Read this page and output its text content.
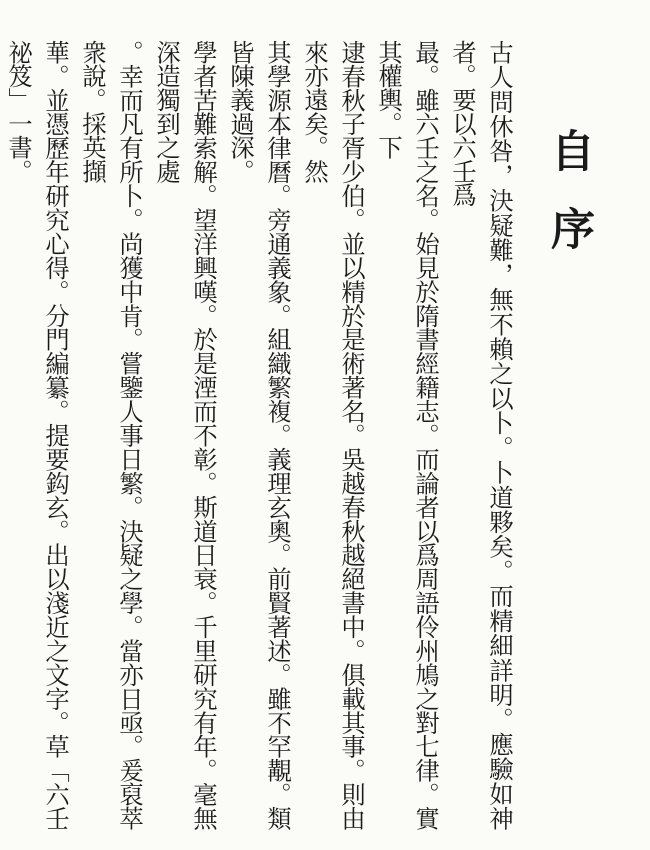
自序
古人問休咎，決疑難，無不賴之以卜。卜道夥矣。而精細詳明。應驗如神者。要以六壬爲
最。雖六壬之名。始見於隋書經籍志。而論者以爲周語伶州鳩之對七律。實其權輿。下
逮春秋子胥少伯。並以精於是術著名。吳越春秋越絕書中。俱載其事。則由來亦遠矣。然
其學源本律曆。旁通義象。組織繁複。義理玄奧。前賢著述。雖不罕覯。類皆陳義過深。
學者苦難索解。望洋興嘆。於是湮而不彰。斯道日衰。千里研究有年。毫無深造獨到之處
。幸而凡有所卜。尚獲中肯。嘗鑒人事日繁。決疑之學。當亦日亟。爰裒萃衆說。採英擷
華。並憑歷年研究心得。分門編纂。提要鈎玄。出以淺近之文字。草「六壬祕笈」一書。
